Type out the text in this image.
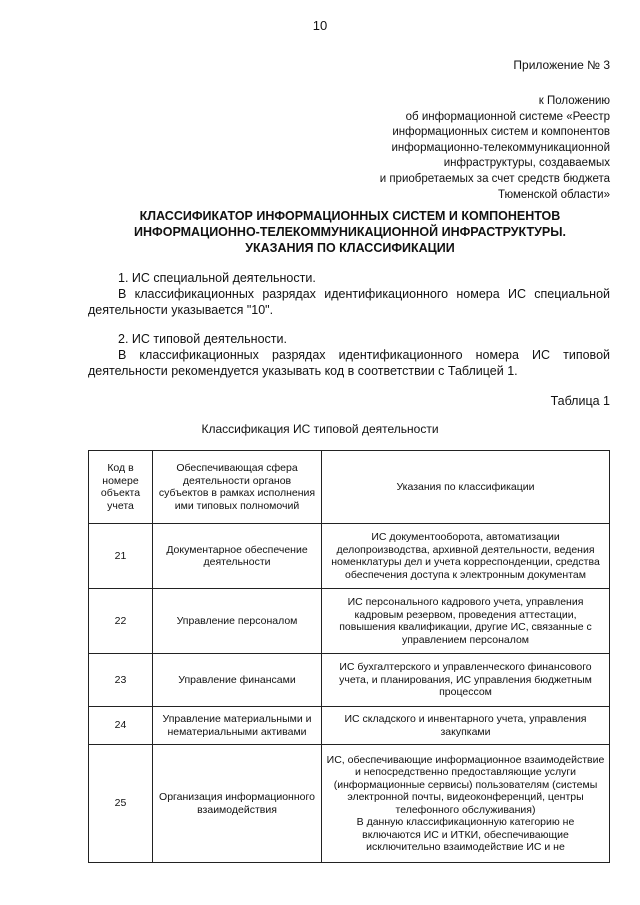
10
Приложение № 3
к Положению
об информационной системе «Реестр
информационных систем и компонентов
информационно-телекоммуникационной
инфраструктуры, создаваемых
и приобретаемых за счет средств бюджета
Тюменской области»
КЛАССИФИКАТОР ИНФОРМАЦИОННЫХ СИСТЕМ И КОМПОНЕНТОВ
ИНФОРМАЦИОННО-ТЕЛЕКОММУНИКАЦИОННОЙ ИНФРАСТРУКТУРЫ.
УКАЗАНИЯ ПО КЛАССИФИКАЦИИ
1. ИС специальной деятельности.
В классификационных разрядах идентификационного номера ИС специальной деятельности указывается "10".
2. ИС типовой деятельности.
В классификационных разрядах идентификационного номера ИС типовой деятельности рекомендуется указывать код в соответствии с Таблицей 1.
Таблица 1
Классификация ИС типовой деятельности
Код в номере объекта учета	Обеспечивающая сфера деятельности органов субъектов в рамках исполнения ими типовых полномочий	Указания по классификации
21	Документарное обеспечение деятельности	ИС документооборота, автоматизации делопроизводства, архивной деятельности, ведения номенклатуры дел и учета корреспонденции, средства обеспечения доступа к электронным документам
22	Управление персоналом	ИС персонального кадрового учета, управления кадровым резервом, проведения аттестации, повышения квалификации, другие ИС, связанные с управлением персоналом
23	Управление финансами	ИС бухгалтерского и управленческого финансового учета, и планирования, ИС управления бюджетным процессом
24	Управление материальными и нематериальными активами	ИС складского и инвентарного учета, управления закупками
25	Организация информационного взаимодействия	ИС, обеспечивающие информационное взаимодействие и непосредственно предоставляющие услуги (информационные сервисы) пользователям (системы электронной почты, видеоконференций, центры телефонного обслуживания)
В данную классификационную категорию не включаются ИС и ИТКИ, обеспечивающие исключительно взаимодействие ИС и не
